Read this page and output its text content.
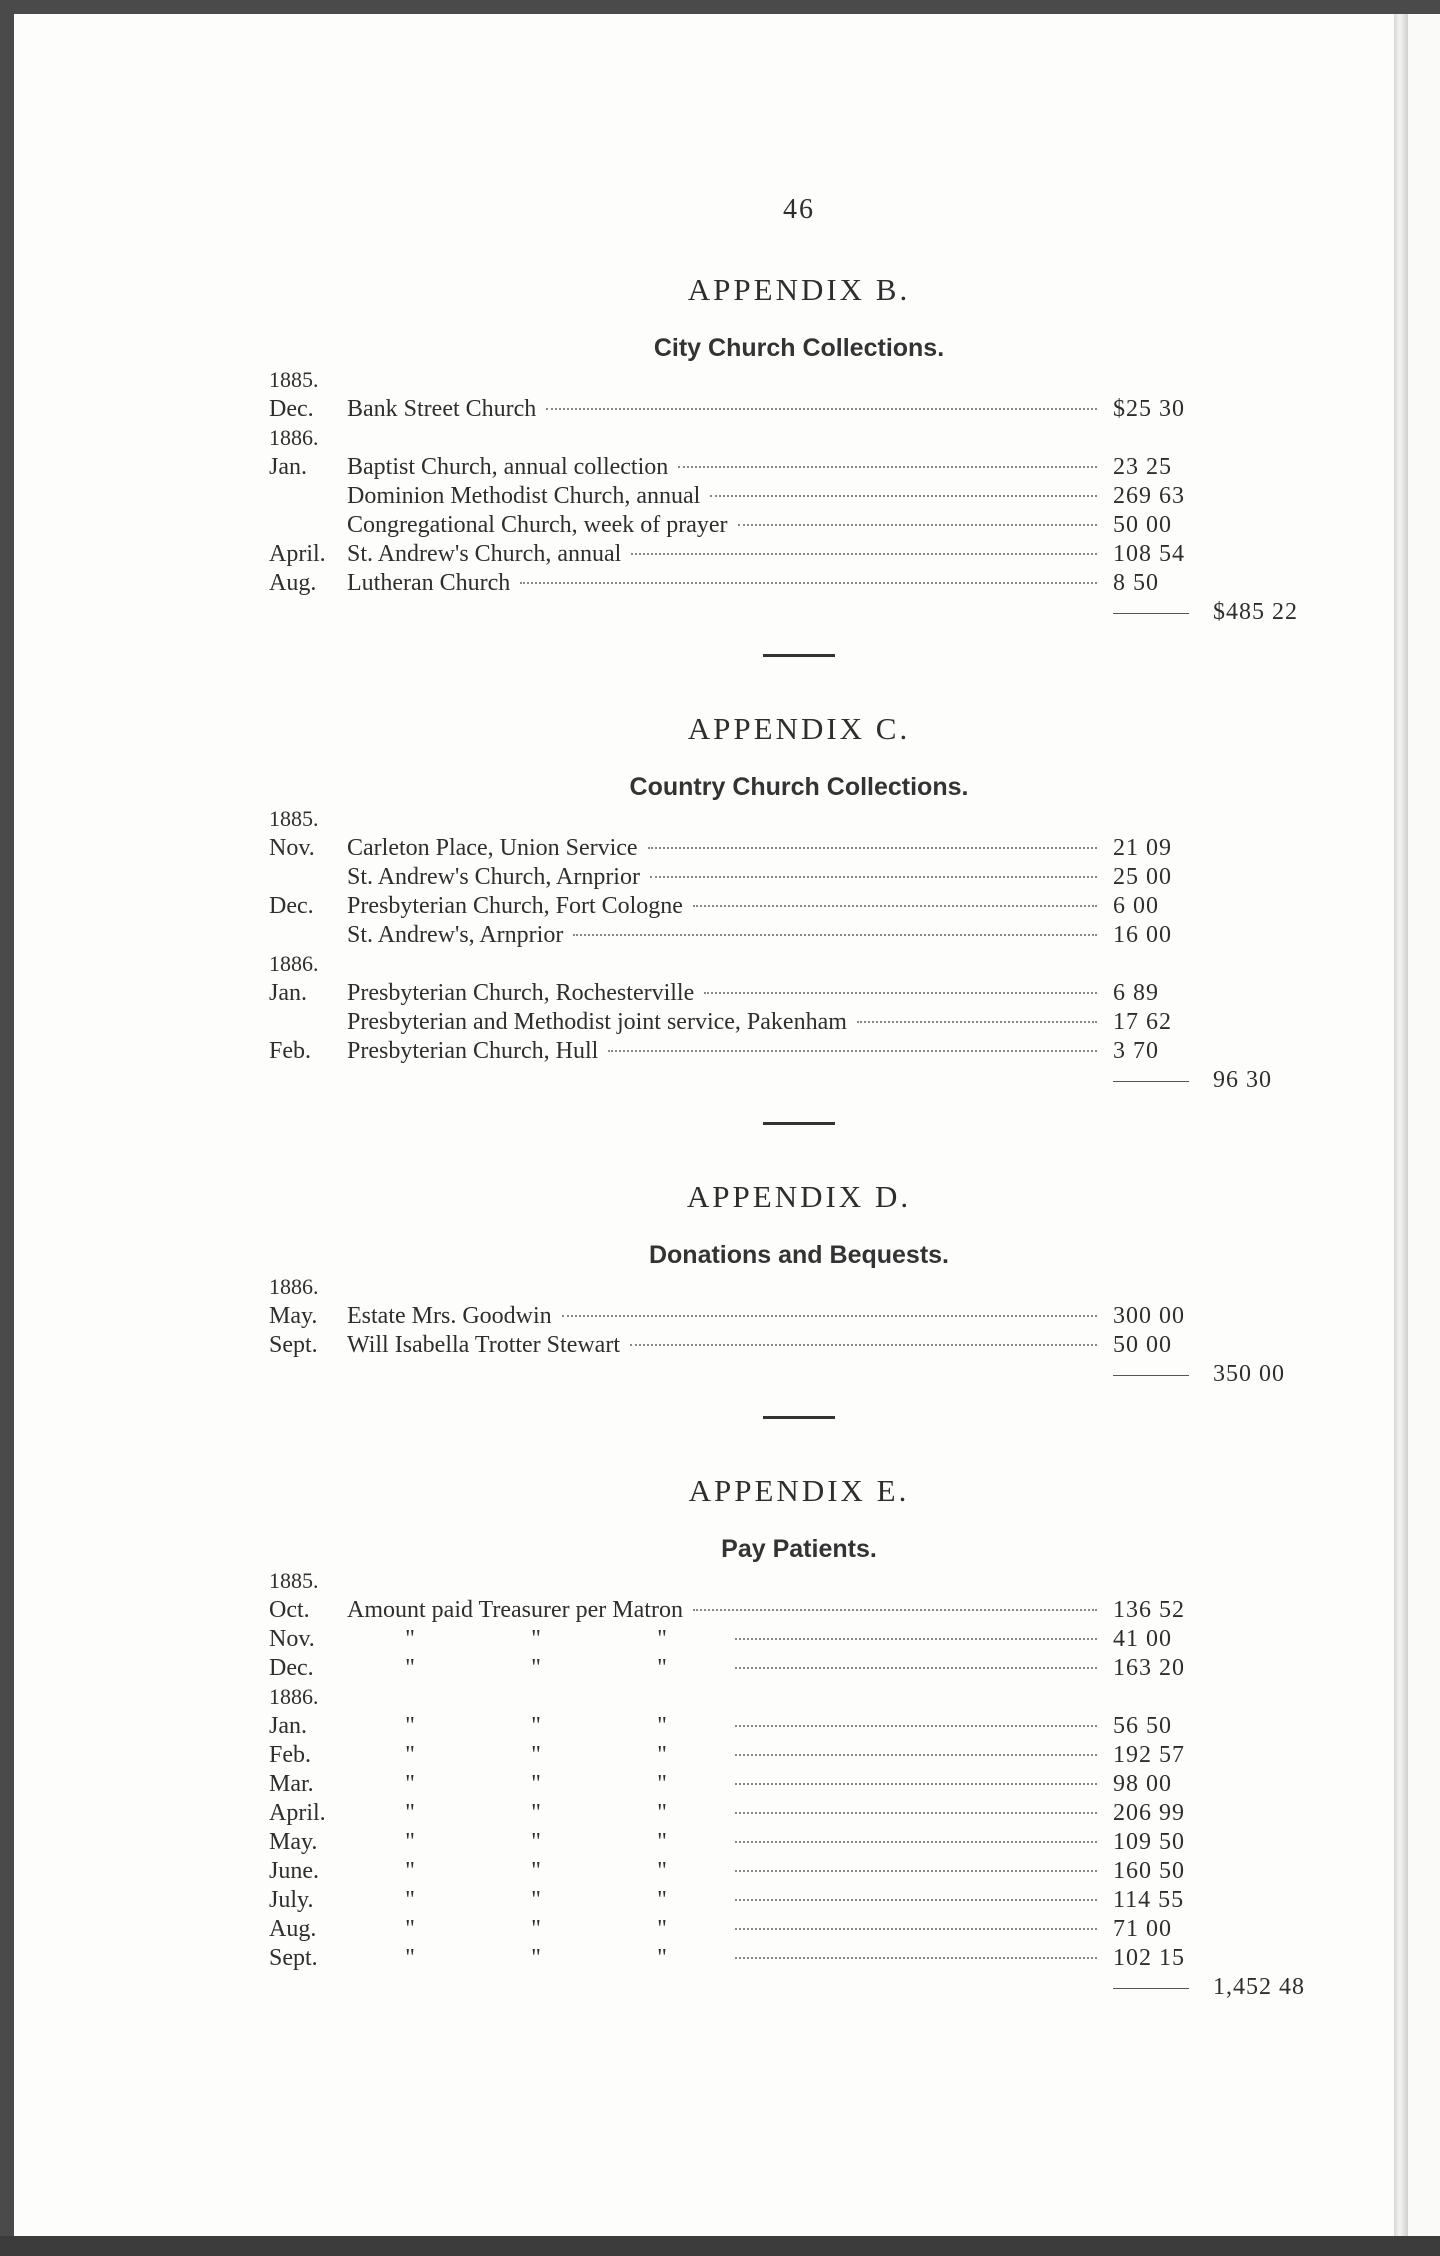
46
APPENDIX B.
City Church Collections.
1885.
Dec.	Bank Street Church	$25 30
1886.
Jan.	Baptist Church, annual collection	23 25
Dominion Methodist Church, annual	269 63
Congregational Church, week of prayer	50 00
April. St. Andrew's Church, annual	108 54
Aug.	Lutheran Church	8 50
$485 22
APPENDIX C.
Country Church Collections.
1885.
Nov.	Carleton Place, Union Service	21 09
St. Andrew's Church, Arnprior	25 00
Dec.	Presbyterian Church, Fort Cologne	6 00
St. Andrew's, Arnprior	16 00
1886.
Jan.	Presbyterian Church, Rochesterville	6 89
Presbyterian and Methodist joint service, Pakenham	17 62
Feb.	Presbyterian Church, Hull	3 70
96 30
APPENDIX D.
Donations and Bequests.
1886.
May.	Estate Mrs. Goodwin	300 00
Sept.	Will Isabella Trotter Stewart	50 00
350 00
APPENDIX E.
Pay Patients.
1885.
Oct.	Amount paid Treasurer per Matron	136 52
Nov.	"	"	"	41 00
Dec.	"	"	"	163 20
1886.
Jan.	"	"	"	56 50
Feb.	"	"	"	192 57
Mar.	"	"	"	98 00
April.	"	"	"	206 99
May.	"	"	"	109 50
June.	"	"	"	160 50
July.	"	"	"	114 55
Aug.	"	"	"	71 00
Sept.	"	"	"	102 15
1,452 48
